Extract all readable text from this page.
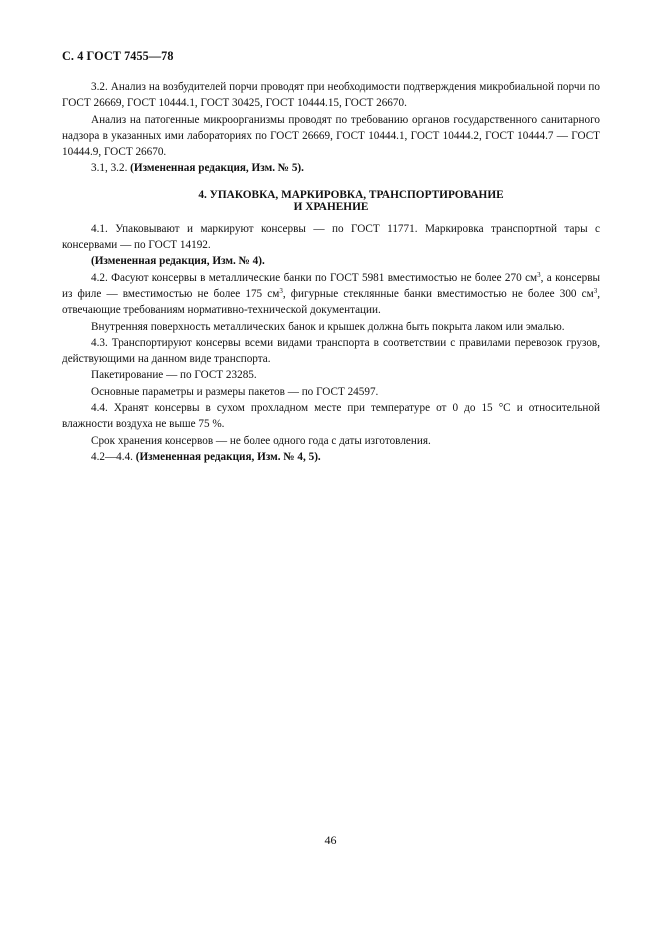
С. 4 ГОСТ 7455—78

3.2. Анализ на возбудителей порчи проводят при необходимости подтверждения микробиальной порчи по ГОСТ 26669, ГОСТ 10444.1, ГОСТ 30425, ГОСТ 10444.15, ГОСТ 26670.

Анализ на патогенные микроорганизмы проводят по требованию органов государственного санитарного надзора в указанных ими лабораториях по ГОСТ 26669, ГОСТ 10444.1, ГОСТ 10444.2, ГОСТ 10444.7 — ГОСТ 10444.9, ГОСТ 26670.

3.1, 3.2. (Измененная редакция, Изм. № 5).

4. УПАКОВКА, МАРКИРОВКА, ТРАНСПОРТИРОВАНИЕ
И ХРАНЕНИЕ

4.1. Упаковывают и маркируют консервы — по ГОСТ 11771. Маркировка транспортной тары с консервами — по ГОСТ 14192.

(Измененная редакция, Изм. № 4).

4.2. Фасуют консервы в металлические банки по ГОСТ 5981 вместимостью не более 270 $см^3$, а консервы из филе — вместимостью не более 175 $см^3$, фигурные стеклянные банки вместимостью не более 300 $см^3$, отвечающие требованиям нормативно-технической документации.

Внутренняя поверхность металлических банок и крышек должна быть покрыта лаком или эмалью.

4.3. Транспортируют консервы всеми видами транспорта в соответствии с правилами перевозок грузов, действующими на данном виде транспорта.

Пакетирование — по ГОСТ 23285.

Основные параметры и размеры пакетов — по ГОСТ 24597.

4.4. Хранят консервы в сухом прохладном месте при температуре от 0 до 15 °С и относительной влажности воздуха не выше 75 %.

Срок хранения консервов — не более одного года с даты изготовления.

4.2—4.4. (Измененная редакция, Изм. № 4, 5).

46
